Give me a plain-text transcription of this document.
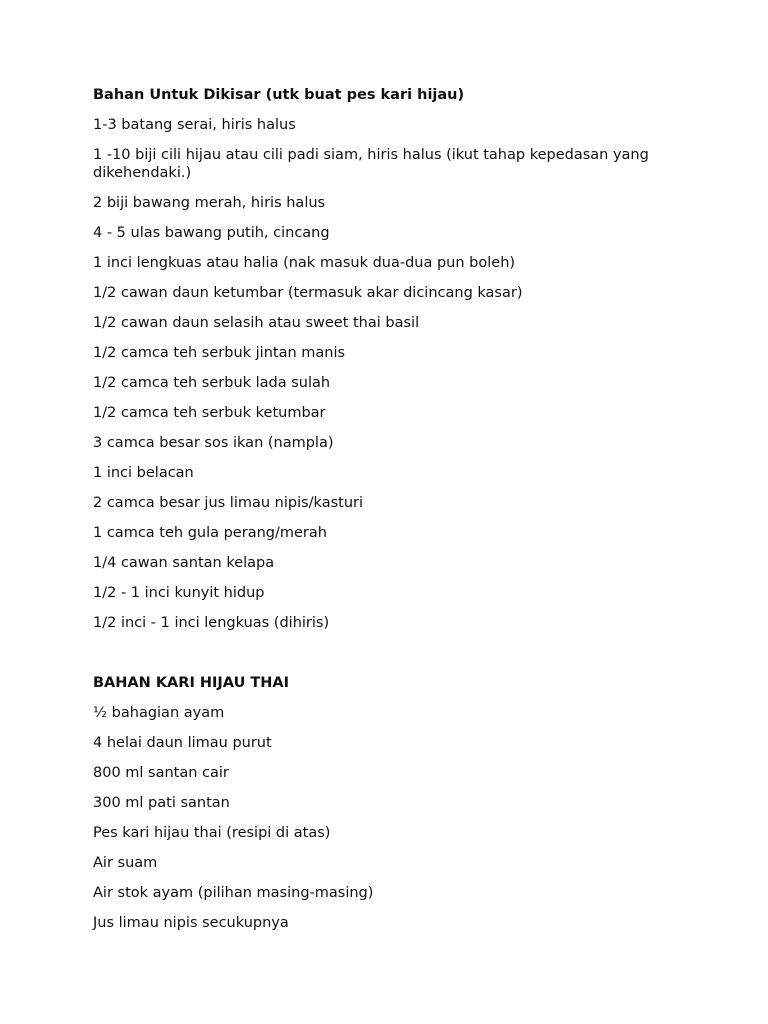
Bahan Untuk Dikisar (utk buat pes kari hijau)
1-3 batang serai, hiris halus
1 -10 biji cili hijau atau cili padi siam, hiris halus (ikut tahap kepedasan yang dikehendaki.)
2 biji bawang merah, hiris halus
4 - 5 ulas bawang putih, cincang
1 inci lengkuas atau halia (nak masuk dua-dua pun boleh)
1/2 cawan daun ketumbar (termasuk akar dicincang kasar)
1/2 cawan daun selasih atau sweet thai basil
1/2 camca teh serbuk jintan manis
1/2 camca teh serbuk lada sulah
1/2 camca teh serbuk ketumbar
3 camca besar sos ikan (nampla)
1 inci belacan
2 camca besar jus limau nipis/kasturi
1 camca teh gula perang/merah
1/4 cawan santan kelapa
1/2 - 1 inci kunyit hidup
1/2 inci - 1 inci lengkuas (dihiris)
BAHAN KARI HIJAU THAI
½ bahagian ayam
4 helai daun limau purut
800 ml santan cair
300 ml pati santan
Pes kari hijau thai (resipi di atas)
Air suam
Air stok ayam (pilihan masing-masing)
Jus limau nipis secukupnya
